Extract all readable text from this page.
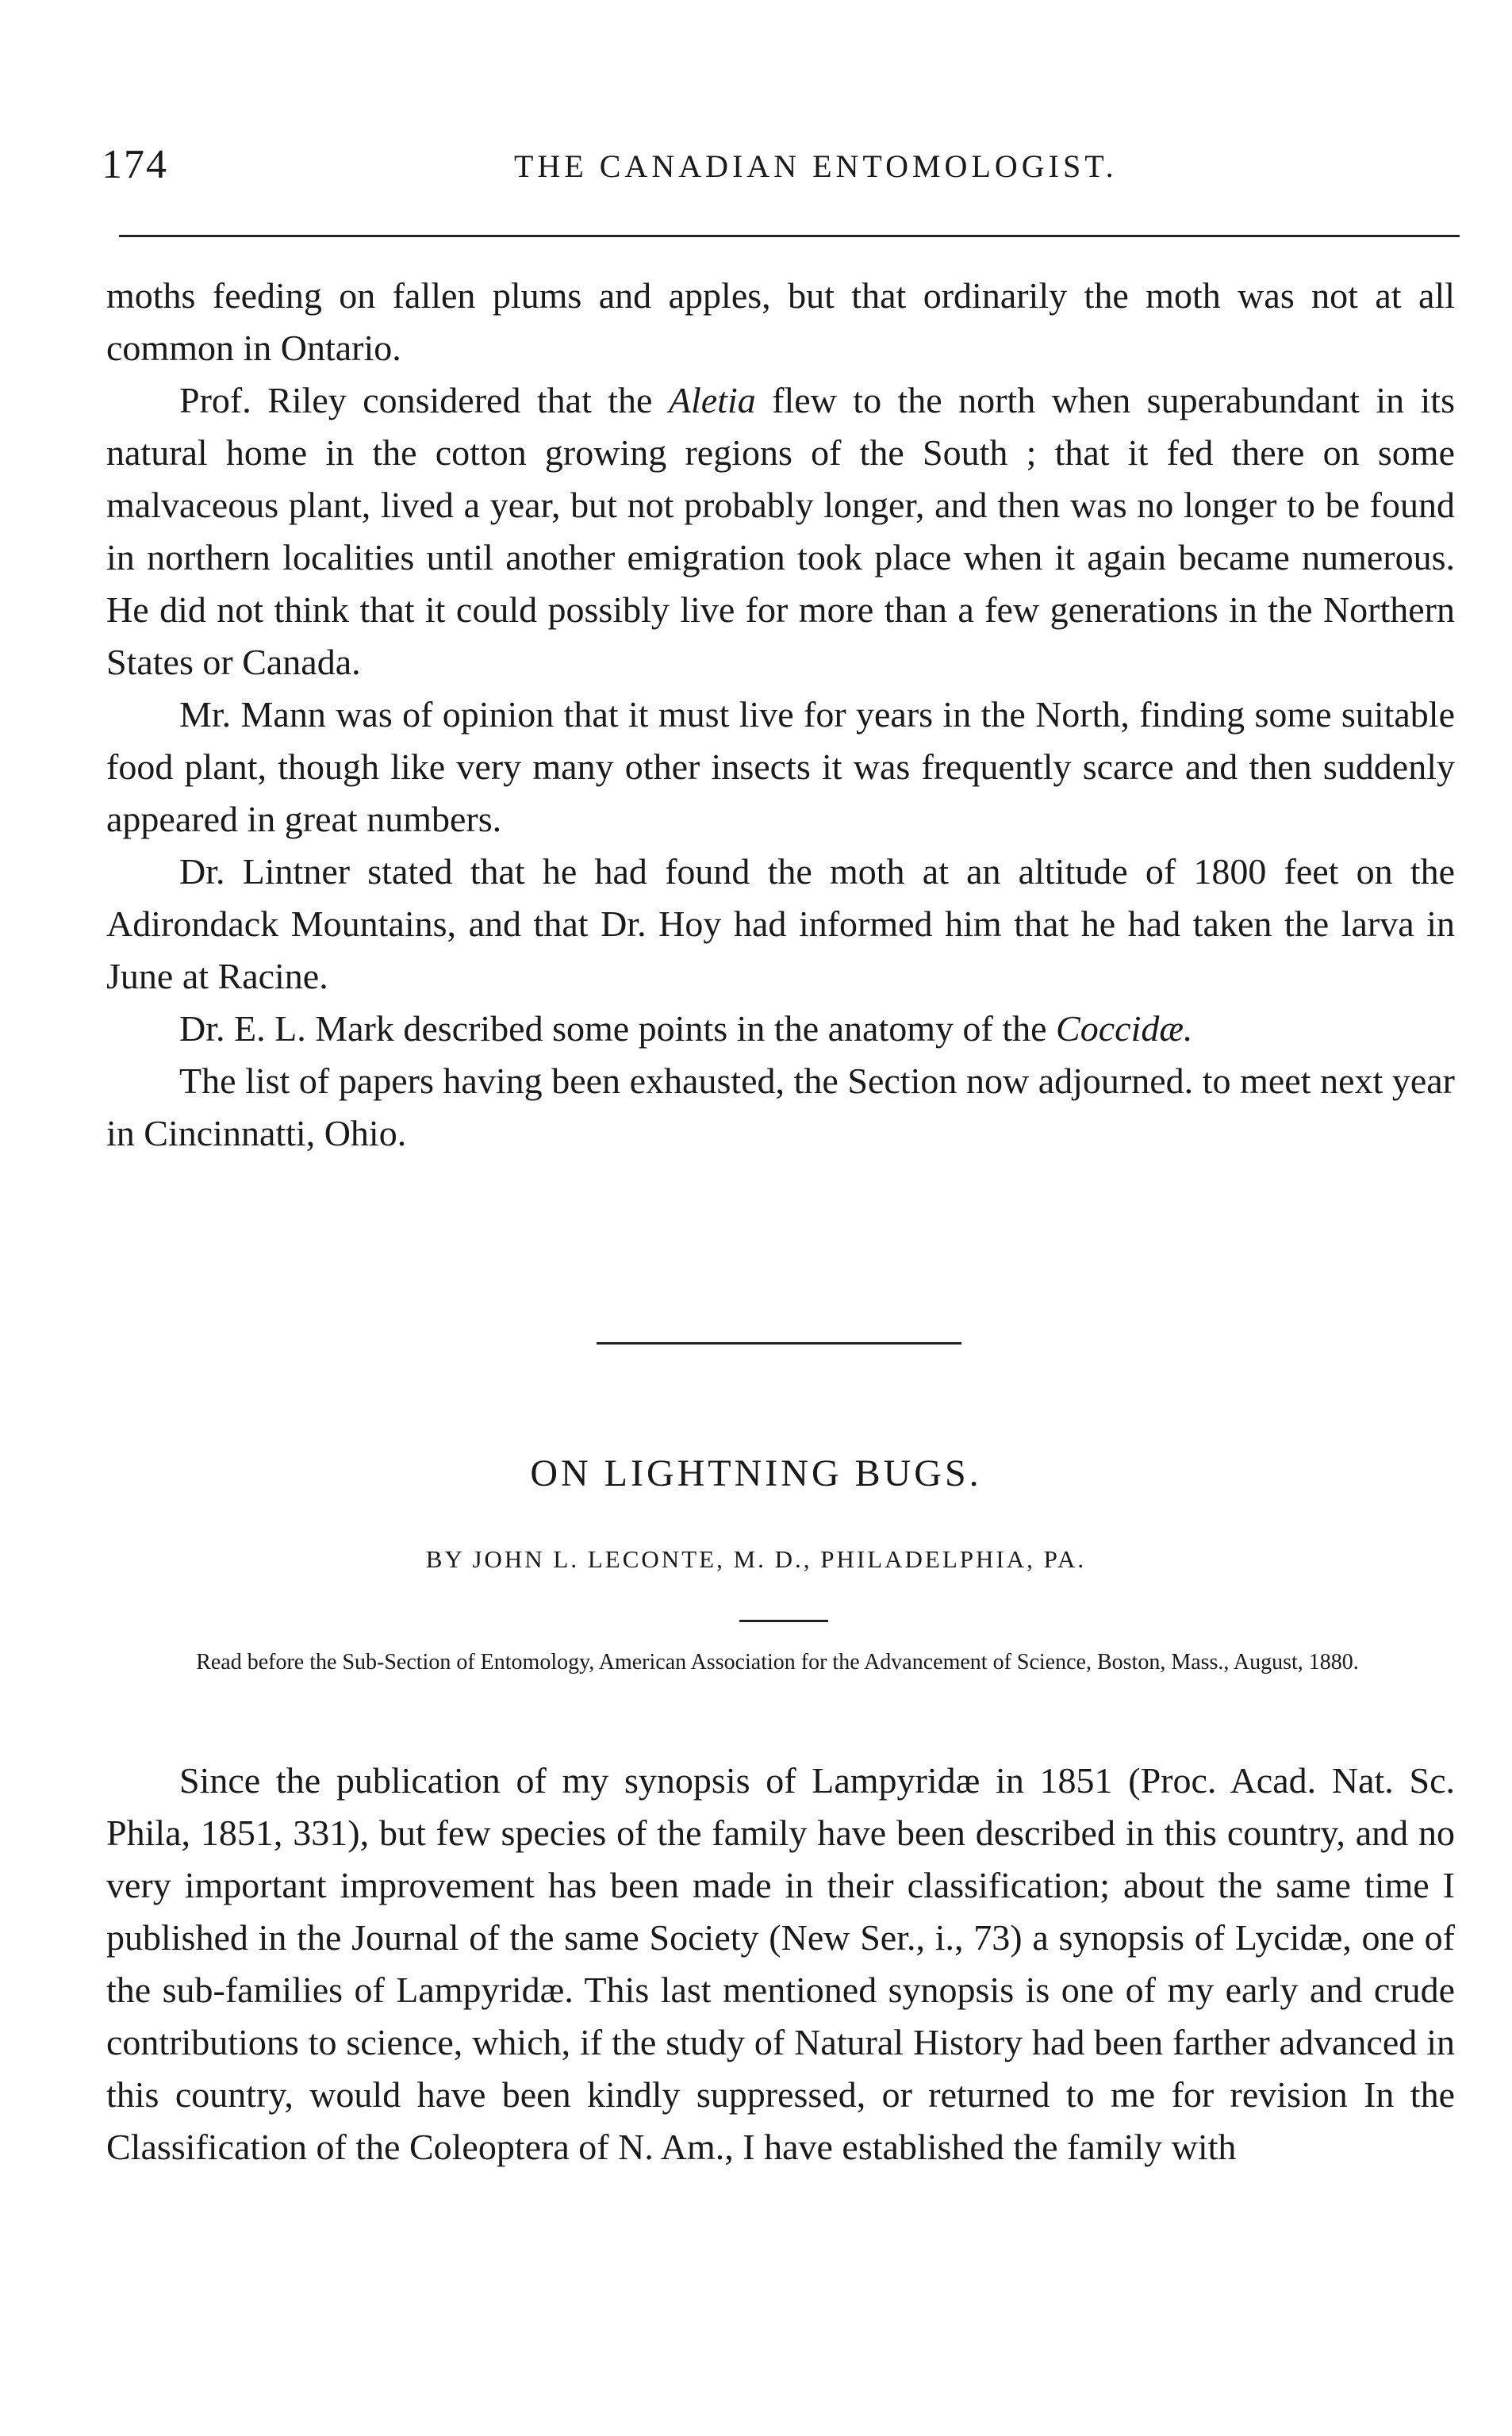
174	THE CANADIAN ENTOMOLOGIST.

moths feeding on fallen plums and apples, but that ordinarily the moth was not at all common in Ontario.

Prof. Riley considered that the Aletia flew to the north when superabundant in its natural home in the cotton growing regions of the South ; that it fed there on some malvaceous plant, lived a year, but not probably longer, and then was no longer to be found in northern localities until another emigration took place when it again became numerous. He did not think that it could possibly live for more than a few generations in the Northern States or Canada.

Mr. Mann was of opinion that it must live for years in the North, finding some suitable food plant, though like very many other insects it was frequently scarce and then suddenly appeared in great numbers.

Dr. Lintner stated that he had found the moth at an altitude of 1800 feet on the Adirondack Mountains, and that Dr. Hoy had informed him that he had taken the larva in June at Racine.

Dr. E. L. Mark described some points in the anatomy of the Coccidæ.

The list of papers having been exhausted, the Section now adjourned. to meet next year in Cincinnatti, Ohio.

ON LIGHTNING BUGS.
BY JOHN L. LECONTE, M. D., PHILADELPHIA, PA.
Read before the Sub-Section of Entomology, American Association for the Advancement of Science, Boston, Mass., August, 1880.

Since the publication of my synopsis of Lampyridæ in 1851 (Proc. Acad. Nat. Sc. Phila, 1851, 331), but few species of the family have been described in this country, and no very important improvement has been made in their classification; about the same time I published in the Journal of the same Society (New Ser., i., 73) a synopsis of Lycidæ, one of the sub-families of Lampyridæ. This last mentioned synopsis is one of my early and crude contributions to science, which, if the study of Natural History had been farther advanced in this country, would have been kindly suppressed, or returned to me for revision In the Classification of the Coleoptera of N. Am., I have established the family with
